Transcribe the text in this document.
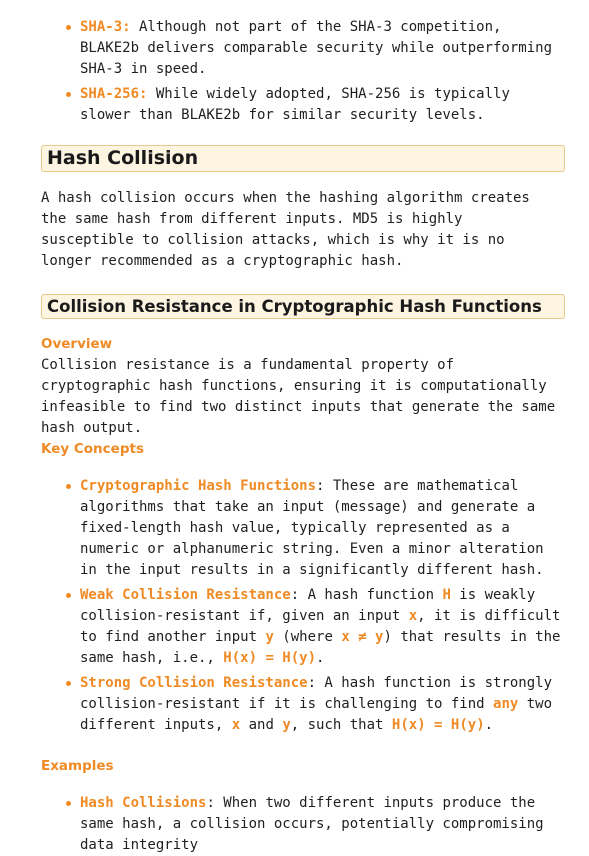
SHA-3: Although not part of the SHA-3 competition, BLAKE2b delivers comparable security while outperforming SHA-3 in speed.
SHA-256: While widely adopted, SHA-256 is typically slower than BLAKE2b for similar security levels.
Hash Collision

A hash collision occurs when the hashing algorithm creates the same hash from different inputs. MD5 is highly susceptible to collision attacks, which is why it is no longer recommended as a cryptographic hash.

Collision Resistance in Cryptographic Hash Functions
Overview

Collision resistance is a fundamental property of cryptographic hash functions, ensuring it is computationally infeasible to find two distinct inputs that generate the same hash output.

Key Concepts
Cryptographic Hash Functions: These are mathematical algorithms that take an input (message) and generate a fixed-length hash value, typically represented as a numeric or alphanumeric string. Even a minor alteration in the input results in a significantly different hash.
Weak Collision Resistance: A hash function H is weakly collision-resistant if, given an input x, it is difficult to find another input y (where x ≠ y) that results in the same hash, i.e., H(x) = H(y).
Strong Collision Resistance: A hash function is strongly collision-resistant if it is challenging to find any two different inputs, x and y, such that H(x) = H(y).
Examples
Hash Collisions: When two different inputs produce the same hash, a collision occurs, potentially compromising data integrity
